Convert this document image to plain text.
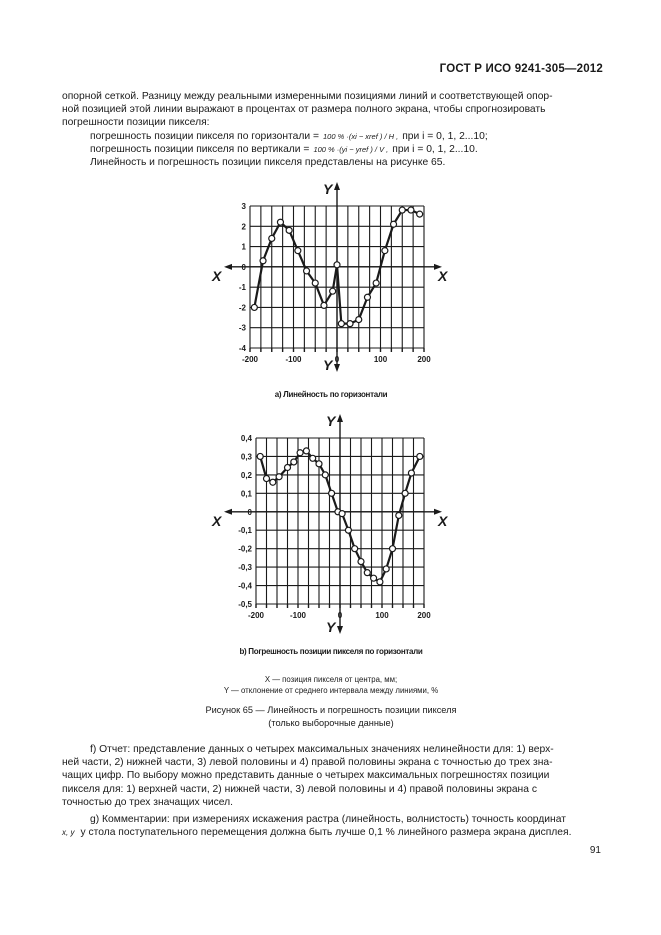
ГОСТ Р ИСО 9241-305—2012

опорной сеткой. Разницу между реальными измеренными позициями линий и соответствующей опор-

ной позицией этой линии выражают в процентах от размера полного экрана, чтобы спрогнозировать

погрешности позиции пикселя:

погрешность позиции пикселя по горизонтали = 100 % ·(xi − xref ) / H , при i = 0, 1, 2...10;

погрешность позиции пикселя по вертикали = 100 % ·(yi − yref ) / V , при i = 0, 1, 2...10.

Линейность и погрешность позиции пикселя представлены на рисунке 65.

X	X
Y
Y
-200	-100	0	100	200
3
2
1
0
-1
-2
-3
-4
а) Линейность по горизонтали
X	X
Y
Y
-200	-100	0	100	200
0,4
0,3
0,2
0,1
0
-0,1
-0,2
-0,3
-0,4
-0,5
b) Погрешность позиции пикселя по горизонтали
X — позиция пикселя от центра, мм;
Y — отклонение от среднего интервала между линиями, %
Рисунок 65 — Линейность и погрешность позиции пикселя
(только выборочные данные)

f) Отчет: представление данных о четырех максимальных значениях нелинейности для: 1) верх-

ней части, 2) нижней части, 3) левой половины и 4) правой половины экрана с точностью до трех зна-

чащих цифр. По выбору можно представить данные о четырех максимальных погрешностях позиции

пикселя для: 1) верхней части, 2) нижней части, 3) левой половины и 4) правой половины экрана с

точностью до трех значащих чисел.

g) Комментарии: при измерениях искажения растра (линейность, волнистость) точность координат

x, y у стола поступательного перемещения должна быть лучше 0,1 % линейного размера экрана дисплея.

91
